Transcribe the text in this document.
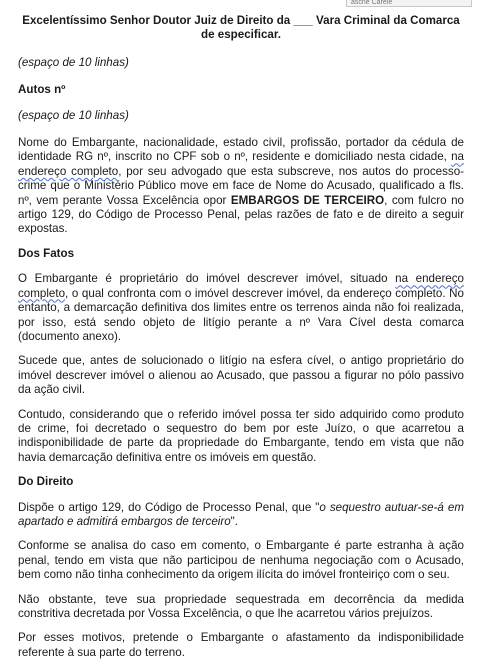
ascne Carele
Excelentíssimo Senhor Doutor Juiz de Direito da ___ Vara Criminal da Comarca
de especificar.
(espaço de 10 linhas)
Autos nº
(espaço de 10 linhas)

Nome do Embargante, nacionalidade, estado civil, profissão, portador da cédula de identidade RG nº, inscrito no CPF sob o nº, residente e domiciliado nesta cidade, na endereço completo, por seu advogado que esta subscreve, nos autos do processo-crime que o Ministério Público move em face de Nome do Acusado, qualificado a fls. nº, vem perante Vossa Excelência opor EMBARGOS DE TERCEIRO, com fulcro no artigo 129, do Código de Processo Penal, pelas razões de fato e de direito a seguir expostas.

Dos Fatos

O Embargante é proprietário do imóvel descrever imóvel, situado na endereço completo, o qual confronta com o imóvel descrever imóvel, da endereço completo. No entanto, a demarcação definitiva dos limites entre os terrenos ainda não foi realizada, por isso, está sendo objeto de litígio perante a nº Vara Cível desta comarca (documento anexo).

Sucede que, antes de solucionado o litígio na esfera cível, o antigo proprietário do imóvel descrever imóvel o alienou ao Acusado, que passou a figurar no pólo passivo da ação civil.

Contudo, considerando que o referido imóvel possa ter sido adquirido como produto de crime, foi decretado o sequestro do bem por este Juízo, o que acarretou a indisponibilidade de parte da propriedade do Embargante, tendo em vista que não havia demarcação definitiva entre os imóveis em questão.

Do Direito

Dispõe o artigo 129, do Código de Processo Penal, que "o sequestro autuar-se-á em apartado e admitirá embargos de terceiro".

Conforme se analisa do caso em comento, o Embargante é parte estranha à ação penal, tendo em vista que não participou de nenhuma negociação com o Acusado, bem como não tinha conhecimento da origem ilícita do imóvel fronteiriço com o seu.

Não obstante, teve sua propriedade sequestrada em decorrência da medida constritiva decretada por Vossa Excelência, o que lhe acarretou vários prejuízos.

Por esses motivos, pretende o Embargante o afastamento da indisponibilidade referente à sua parte do terreno.
